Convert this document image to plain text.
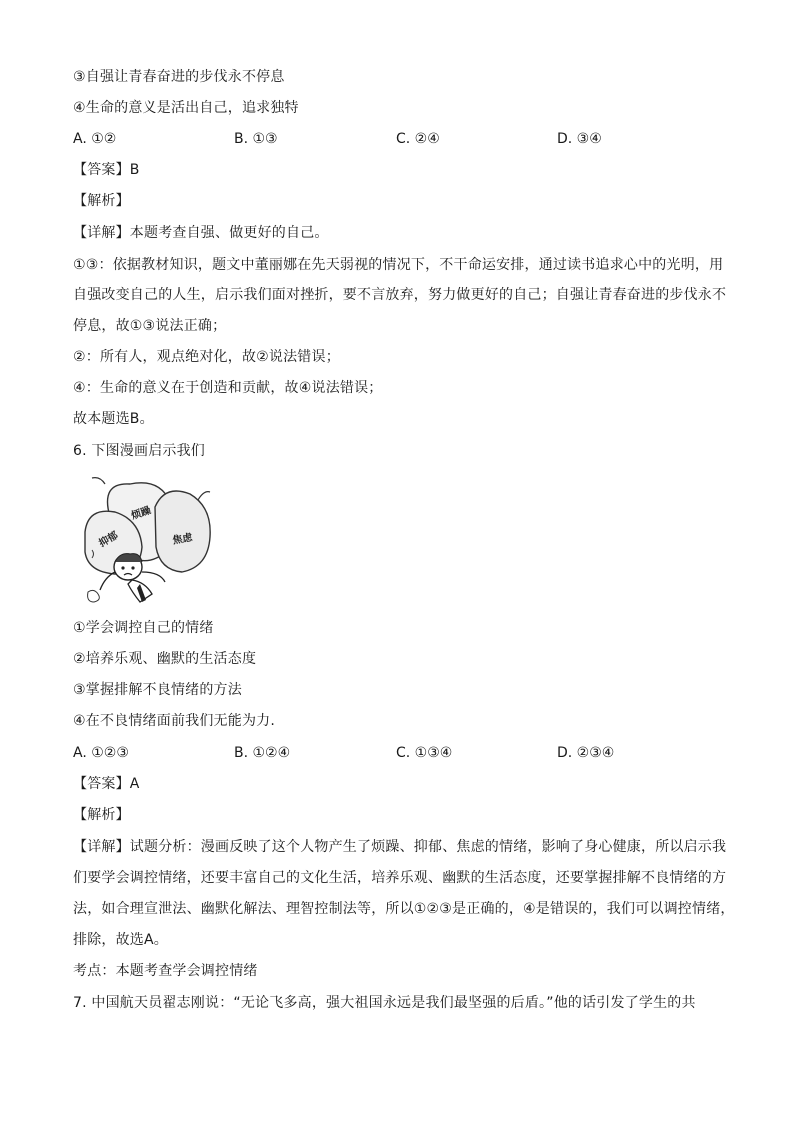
③自强让青春奋进的步伐永不停息
④生命的意义是活出自己，追求独特
A. ①②	B. ①③	C. ②④	D. ③④
【答案】B
【解析】
【详解】本题考查自强、做更好的自己。
①③：依据教材知识，题文中董丽娜在先天弱视的情况下，不干命运安排，通过读书追求心中的光明，用
自强改变自己的人生，启示我们面对挫折，要不言放弃，努力做更好的自己；自强让青春奋进的步伐永不
停息，故①③说法正确；
②：所有人，观点绝对化，故②说法错误；
④：生命的意义在于创造和贡献，故④说法错误；
故本题选B。
6. 下图漫画启示我们
烦躁
抑郁	焦虑
①学会调控自己的情绪
②培养乐观、幽默的生活态度
③掌握排解不良情绪的方法
④在不良情绪面前我们无能为力.
A. ①②③	B. ①②④	C. ①③④	D. ②③④
【答案】A
【解析】
【详解】试题分析：漫画反映了这个人物产生了烦躁、抑郁、焦虑的情绪，影响了身心健康，所以启示我
们要学会调控情绪，还要丰富自己的文化生活，培养乐观、幽默的生活态度，还要掌握排解不良情绪的方
法，如合理宣泄法、幽默化解法、理智控制法等，所以①②③是正确的，④是错误的，我们可以调控情绪，
排除，故选A。
考点：本题考查学会调控情绪
7. 中国航天员翟志刚说：“无论飞多高，强大祖国永远是我们最坚强的后盾。”他的话引发了学生的共
